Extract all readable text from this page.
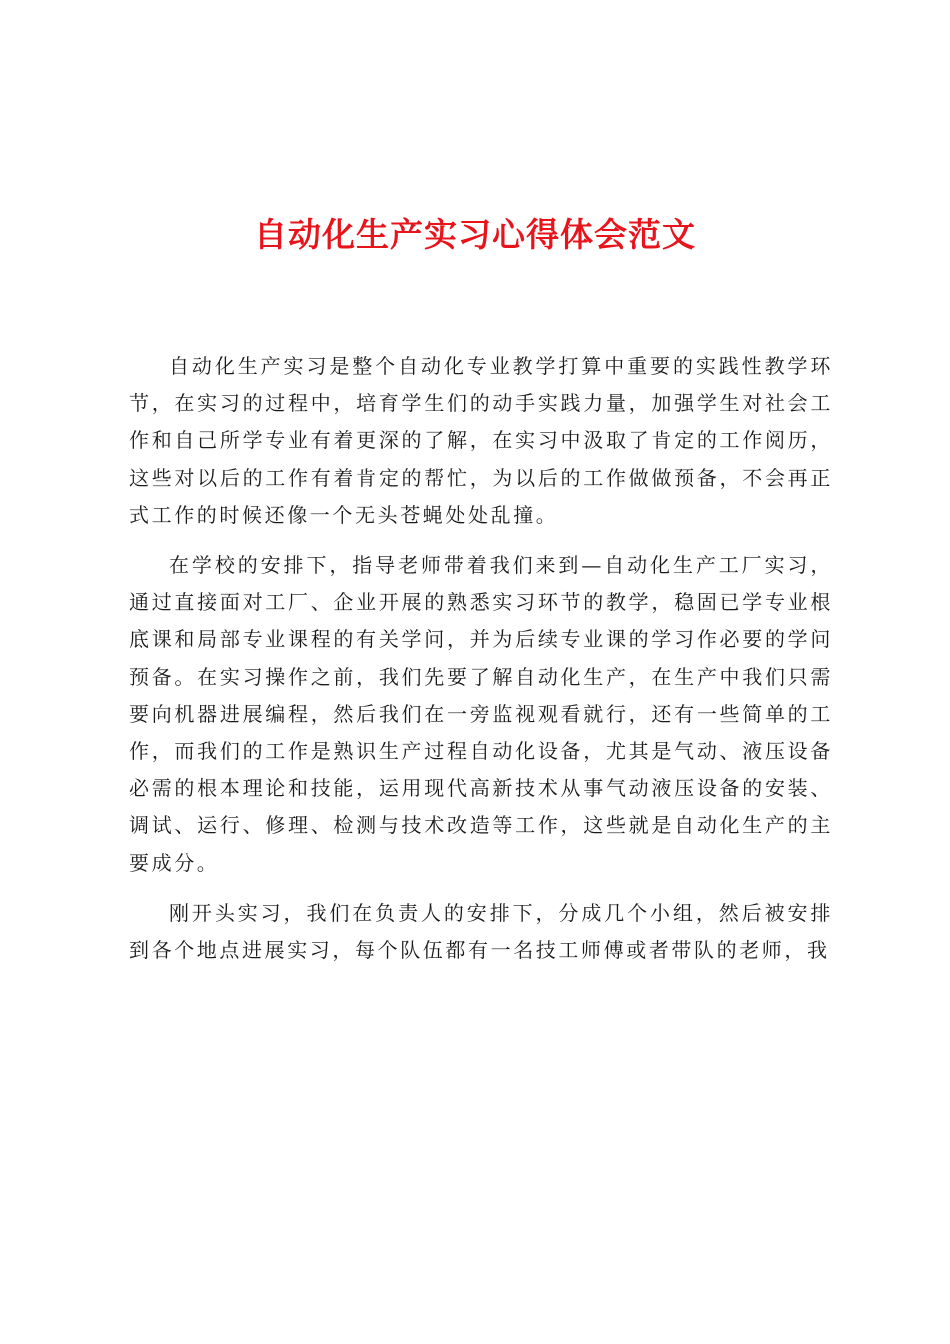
自动化生产实习心得体会范文

自动化生产实习是整个自动化专业教学打算中重要的实践性教学环节，在实习的过程中，培育学生们的动手实践力量，加强学生对社会工作和自己所学专业有着更深的了解，在实习中汲取了肯定的工作阅历，这些对以后的工作有着肯定的帮忙，为以后的工作做做预备，不会再正式工作的时候还像一个无头苍蝇处处乱撞。

在学校的安排下，指导老师带着我们来到—自动化生产工厂实习，通过直接面对工厂、企业开展的熟悉实习环节的教学，稳固已学专业根底课和局部专业课程的有关学问，并为后续专业课的学习作必要的学问预备。在实习操作之前，我们先要了解自动化生产，在生产中我们只需要向机器进展编程，然后我们在一旁监视观看就行，还有一些简单的工作，而我们的工作是熟识生产过程自动化设备，尤其是气动、液压设备必需的根本理论和技能，运用现代高新技术从事气动液压设备的安装、调试、运行、修理、检测与技术改造等工作，这些就是自动化生产的主要成分。

刚开头实习，我们在负责人的安排下，分成几个小组，然后被安排到各个地点进展实习，每个队伍都有一名技工师傅或者带队的老师，我
